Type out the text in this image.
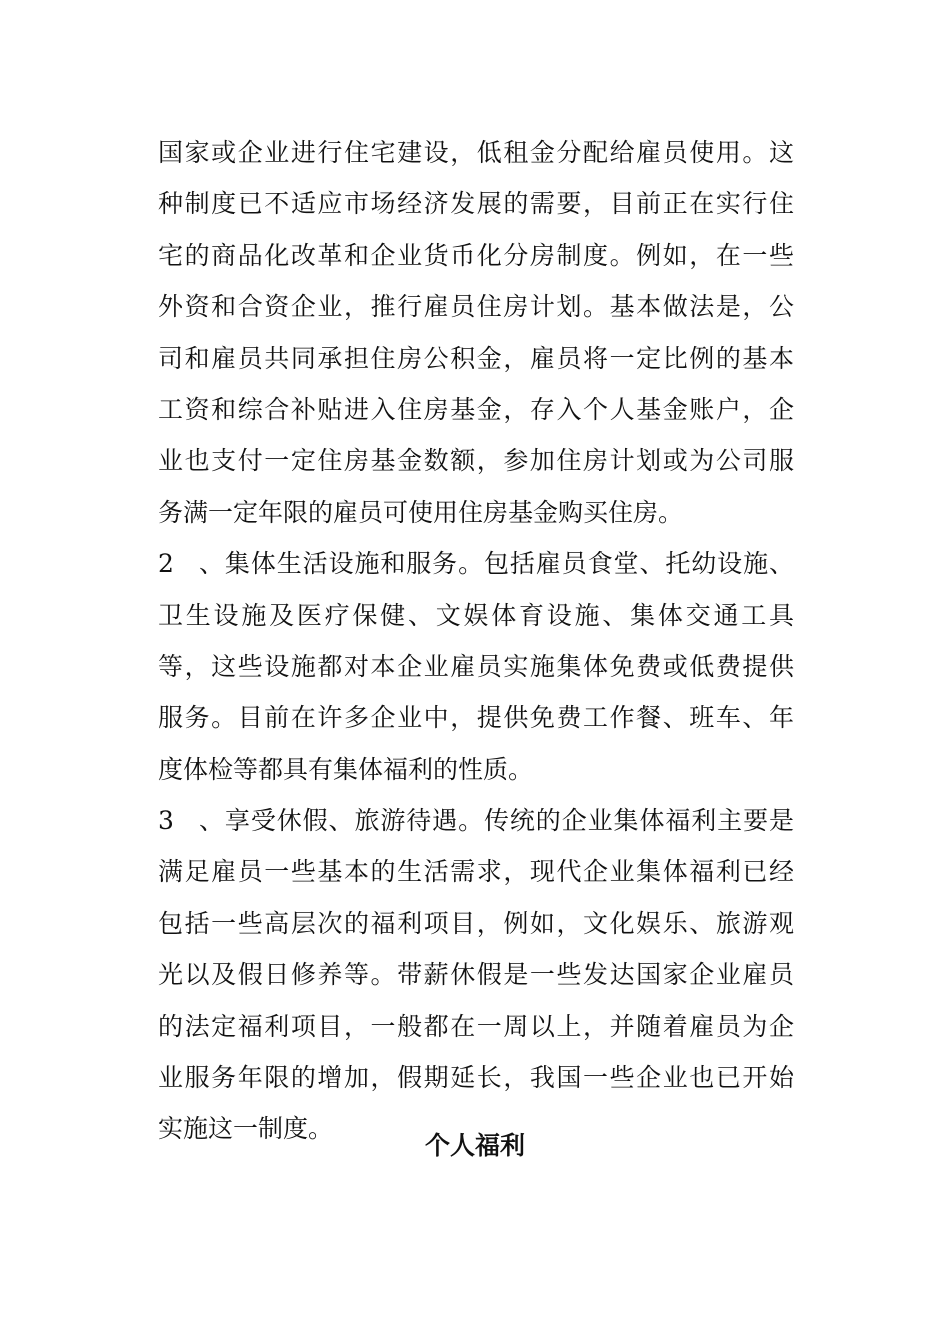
国家或企业进行住宅建设，低租金分配给雇员使用。这
种制度已不适应市场经济发展的需要，目前正在实行住
宅的商品化改革和企业货币化分房制度。例如，在一些
外资和合资企业，推行雇员住房计划。基本做法是，公
司和雇员共同承担住房公积金，雇员将一定比例的基本
工资和综合补贴进入住房基金，存入个人基金账户，企
业也支付一定住房基金数额，参加住房计划或为公司服
务满一定年限的雇员可使用住房基金购买住房。
2、集体生活设施和服务。包括雇员食堂、托幼设施、
卫生设施及医疗保健、文娱体育设施、集体交通工具
等，这些设施都对本企业雇员实施集体免费或低费提供
服务。目前在许多企业中，提供免费工作餐、班车、年
度体检等都具有集体福利的性质。
3、享受休假、旅游待遇。传统的企业集体福利主要是
满足雇员一些基本的生活需求，现代企业集体福利已经
包括一些高层次的福利项目，例如，文化娱乐、旅游观
光以及假日修养等。带薪休假是一些发达国家企业雇员
的法定福利项目，一般都在一周以上，并随着雇员为企
业服务年限的增加，假期延长，我国一些企业也已开始
实施这一制度。
个人福利
